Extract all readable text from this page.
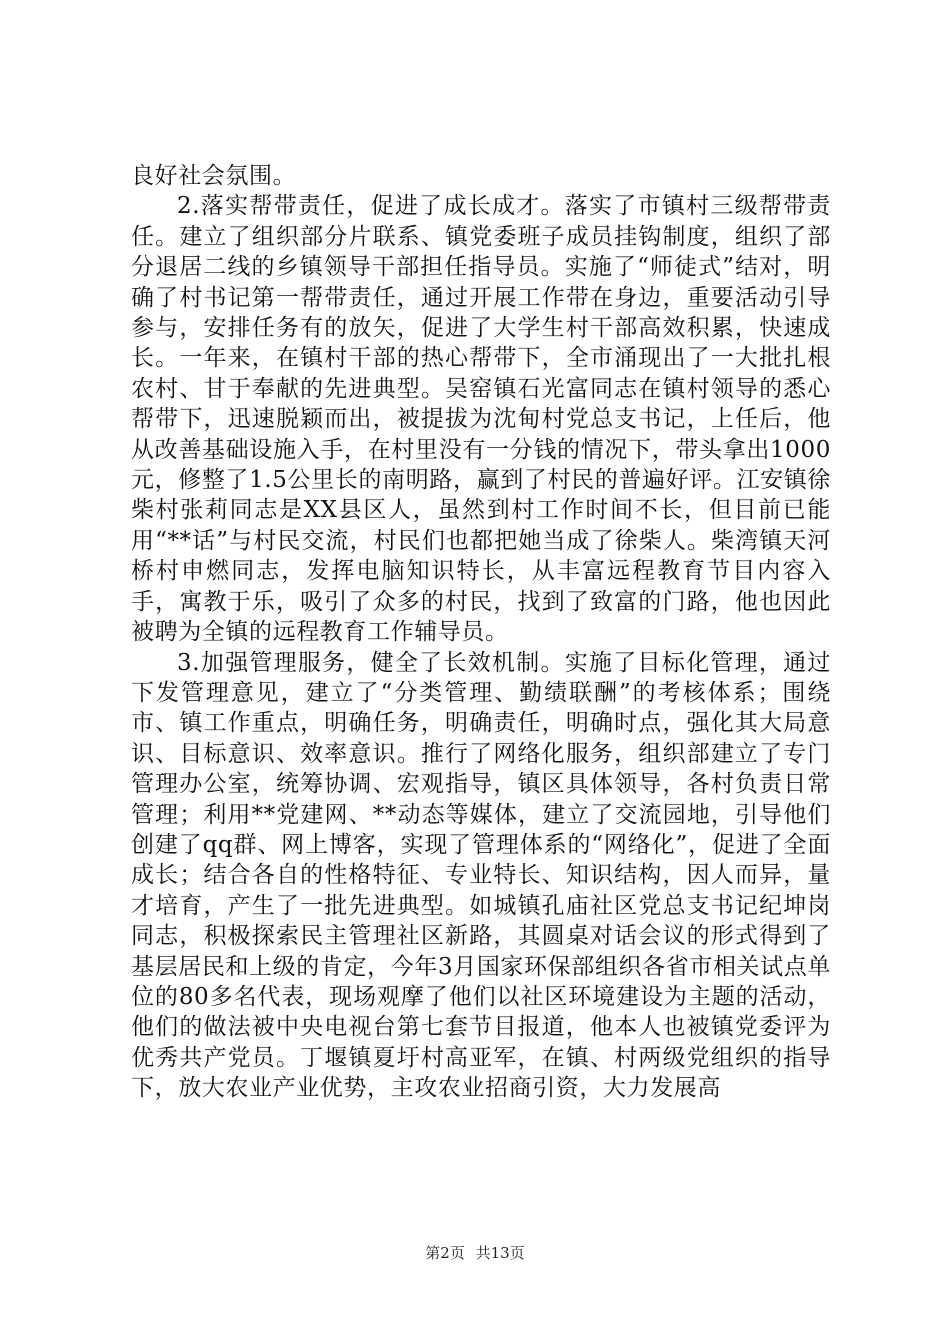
良好社会氛围。

2.落实帮带责任，促进了成长成才。落实了市镇村三级帮带责任。建立了组织部分片联系、镇党委班子成员挂钩制度，组织了部分退居二线的乡镇领导干部担任指导员。实施了“师徒式”结对，明确了村书记第一帮带责任，通过开展工作带在身边，重要活动引导参与，安排任务有的放矢，促进了大学生村干部高效积累，快速成长。一年来，在镇村干部的热心帮带下，全市涌现出了一大批扎根农村、甘于奉献的先进典型。吴窑镇石光富同志在镇村领导的悉心帮带下，迅速脱颖而出，被提拔为沈甸村党总支书记，上任后，他从改善基础设施入手，在村里没有一分钱的情况下，带头拿出1000元，修整了1.5公里长的南明路，赢到了村民的普遍好评。江安镇徐柴村张莉同志是XX县区人，虽然到村工作时间不长，但目前已能用“**话”与村民交流，村民们也都把她当成了徐柴人。柴湾镇天河桥村申燃同志，发挥电脑知识特长，从丰富远程教育节目内容入手，寓教于乐，吸引了众多的村民，找到了致富的门路，他也因此被聘为全镇的远程教育工作辅导员。

3.加强管理服务，健全了长效机制。实施了目标化管理，通过下发管理意见，建立了“分类管理、勤绩联酬”的考核体系；围绕市、镇工作重点，明确任务，明确责任，明确时点，强化其大局意识、目标意识、效率意识。推行了网络化服务，组织部建立了专门管理办公室，统筹协调、宏观指导，镇区具体领导，各村负责日常管理；利用**党建网、**动态等媒体，建立了交流园地，引导他们创建了qq群、网上博客，实现了管理体系的“网络化”，促进了全面成长；结合各自的性格特征、专业特长、知识结构，因人而异，量才培育，产生了一批先进典型。如城镇孔庙社区党总支书记纪坤岗同志，积极探索民主管理社区新路，其圆桌对话会议的形式得到了基层居民和上级的肯定，今年3月国家环保部组织各省市相关试点单位的80多名代表，现场观摩了他们以社区环境建设为主题的活动，他们的做法被中央电视台第七套节目报道，他本人也被镇党委评为优秀共产党员。丁堰镇夏圩村高亚军，在镇、村两级党组织的指导下，放大农业产业优势，主攻农业招商引资，大力发展高

第2页 共13页
